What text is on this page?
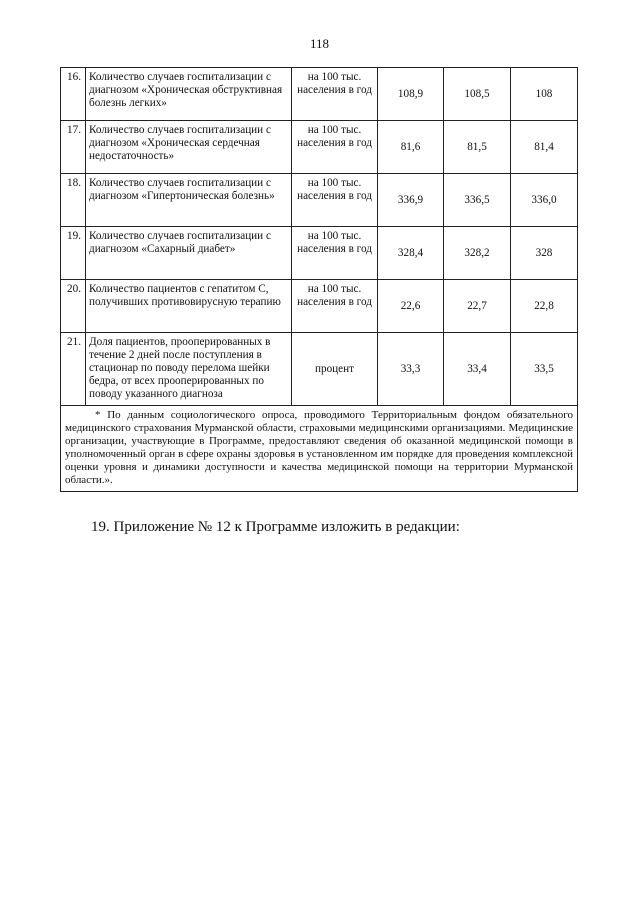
118
16.	Количество случаев госпитализации с диагнозом «Хроническая обструктивная болезнь легких»	на 100 тыс. населения в год	108,9	108,5	108
17.	Количество случаев госпитализации с диагнозом «Хроническая сердечная недостаточность»	на 100 тыс. населения в год	81,6	81,5	81,4
18.	Количество случаев госпитализации с диагнозом «Гипертоническая болезнь»	на 100 тыс. населения в год	336,9	336,5	336,0
19.	Количество случаев госпитализации с диагнозом «Сахарный диабет»	на 100 тыс. населения в год	328,4	328,2	328
20.	Количество пациентов с гепатитом С, получивших противовирусную терапию	на 100 тыс. населения в год	22,6	22,7	22,8
21.	Доля пациентов, прооперированных в течение 2 дней после поступления в стационар по поводу перелома шейки бедра, от всех прооперированных по поводу указанного диагноза	процент	33,3	33,4	33,5

* По данным социологического опроса, проводимого Территориальным фондом обязательного медицинского страхования Мурманской области, страховыми медицинскими организациями. Медицинские организации, участвующие в Программе, предоставляют сведения об оказанной медицинской помощи в уполномоченный орган в сфере охраны здоровья в установленном им порядке для проведения комплексной оценки уровня и динамики доступности и качества медицинской помощи на территории Мурманской области.».					
19. Приложение № 12 к Программе изложить в редакции:
